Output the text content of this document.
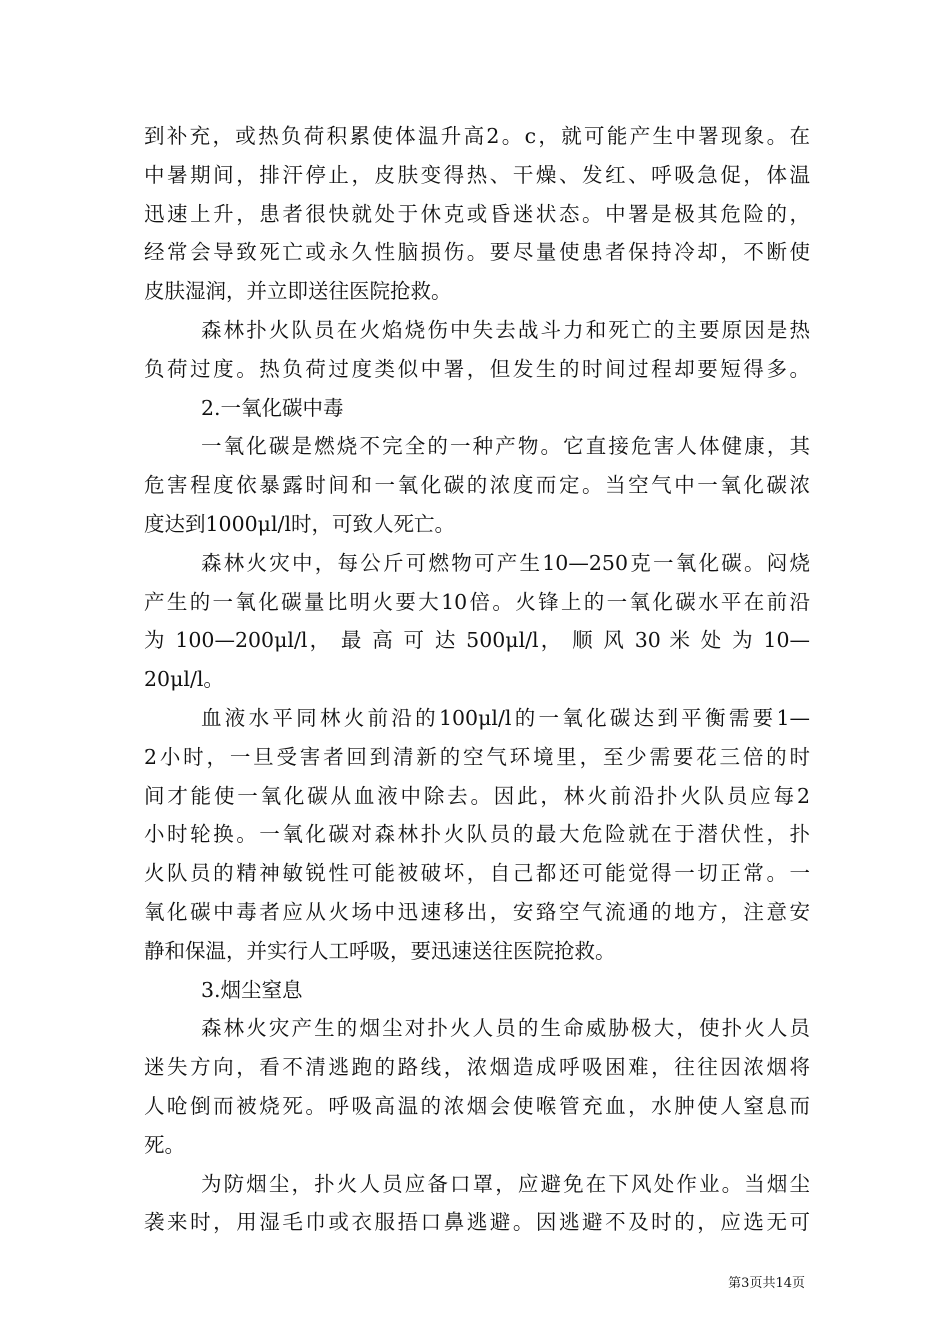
到补充，或热负荷积累使体温升高2。c，就可能产生中署现象。在
中暑期间，排汗停止，皮肤变得热、干燥、发红、呼吸急促，体温
迅速上升，患者很快就处于休克或昏迷状态。中署是极其危险的，
经常会导致死亡或永久性脑损伤。要尽量使患者保持冷却，不断使
皮肤湿润，并立即送往医院抢救。
森林扑火队员在火焰烧伤中失去战斗力和死亡的主要原因是热
负荷过度。热负荷过度类似中署，但发生的时间过程却要短得多。
2.一氧化碳中毒
一氧化碳是燃烧不完全的一种产物。它直接危害人体健康，其
危害程度依暴露时间和一氧化碳的浓度而定。当空气中一氧化碳浓
度达到1000μl/l时，可致人死亡。
森林火灾中，每公斤可燃物可产生10—250克一氧化碳。闷烧
产生的一氧化碳量比明火要大10倍。火锋上的一氧化碳水平在前沿
为 100—200μl/l， 最 高 可 达 500μl/l， 顺 风 30 米 处 为 10—
20μl/l。
血液水平同林火前沿的100μl/l的一氧化碳达到平衡需要1—
2小时，一旦受害者回到清新的空气环境里，至少需要花三倍的时
间才能使一氧化碳从血液中除去。因此，林火前沿扑火队员应每2
小时轮换。一氧化碳对森林扑火队员的最大危险就在于潜伏性，扑
火队员的精神敏锐性可能被破坏，自己都还可能觉得一切正常。一
氧化碳中毒者应从火场中迅速移出，安臵空气流通的地方，注意安
静和保温，并实行人工呼吸，要迅速送往医院抢救。
3.烟尘窒息
森林火灾产生的烟尘对扑火人员的生命威胁极大，使扑火人员
迷失方向，看不清逃跑的路线，浓烟造成呼吸困难，往往因浓烟将
人呛倒而被烧死。呼吸高温的浓烟会使喉管充血，水肿使人窒息而
死。
为防烟尘，扑火人员应备口罩，应避免在下风处作业。当烟尘
袭来时，用湿毛巾或衣服捂口鼻逃避。因逃避不及时的，应选无可
第3页共14页
